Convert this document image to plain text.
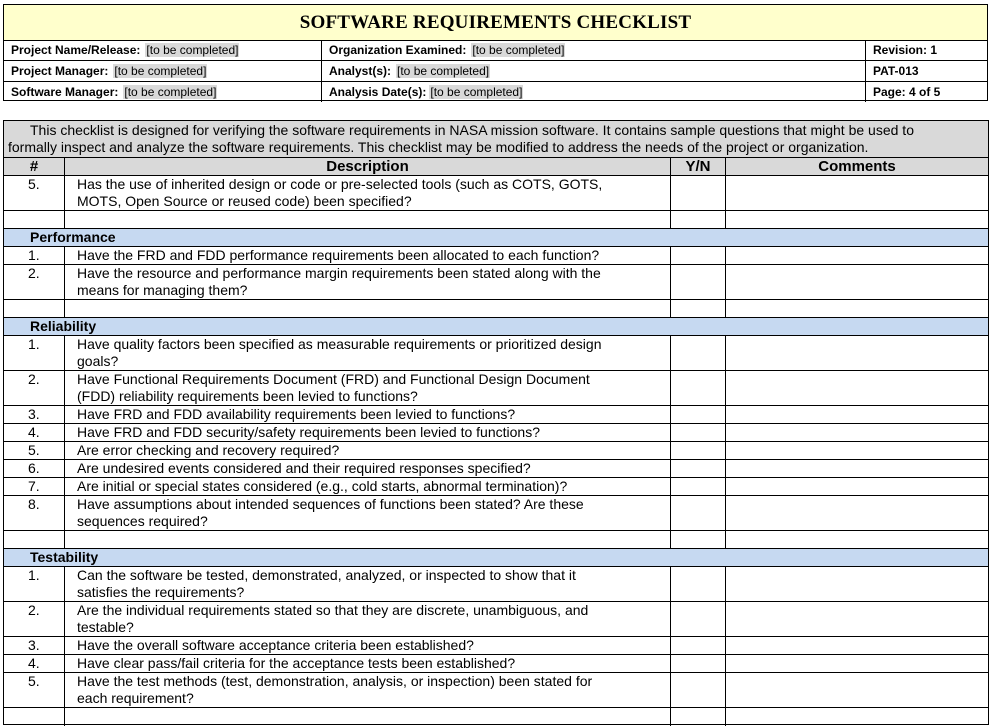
SOFTWARE REQUIREMENTS CHECKLIST
Project Name/Release: [to be completed]	Organization Examined: [to be completed]	Revision: 1
Project Manager: [to be completed]	Analyst(s): [to be completed]	PAT-013
Software Manager: [to be completed]	Analysis Date(s): [to be completed]	Page: 4 of 5
This checklist is designed for verifying the software requirements in NASA mission software. It contains sample questions that might be used to
formally inspect and analyze the software requirements. This checklist may be modified to address the needs of the project or organization.
#	Description	Y/N	Comments
5.	Has the use of inherited design or code or pre-selected tools (such as COTS, GOTS,
MOTS, Open Source or reused code) been specified?
Performance
1.	Have the FRD and FDD performance requirements been allocated to each function?
2.	Have the resource and performance margin requirements been stated along with the
means for managing them?
Reliability
1.	Have quality factors been specified as measurable requirements or prioritized design
goals?
2.	Have Functional Requirements Document (FRD) and Functional Design Document
(FDD) reliability requirements been levied to functions?
3.	Have FRD and FDD availability requirements been levied to functions?
4.	Have FRD and FDD security/safety requirements been levied to functions?
5.	Are error checking and recovery required?
6.	Are undesired events considered and their required responses specified?
7.	Are initial or special states considered (e.g., cold starts, abnormal termination)?
8.	Have assumptions about intended sequences of functions been stated? Are these
sequences required?
Testability
1.	Can the software be tested, demonstrated, analyzed, or inspected to show that it
satisfies the requirements?
2.	Are the individual requirements stated so that they are discrete, unambiguous, and
testable?
3.	Have the overall software acceptance criteria been established?
4.	Have clear pass/fail criteria for the acceptance tests been established?
5.	Have the test methods (test, demonstration, analysis, or inspection) been stated for
each requirement?
